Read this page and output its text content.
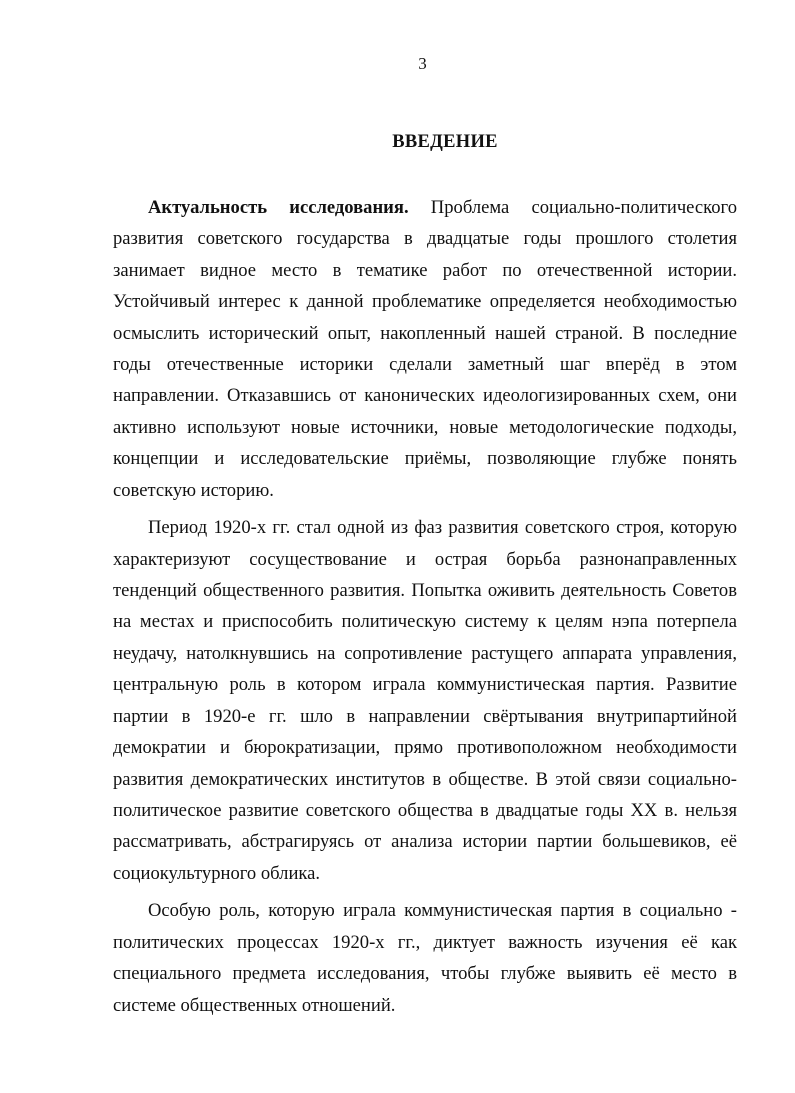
3
ВВЕДЕНИЕ

Актуальность исследования. Проблема социально-политического развития советского государства в двадцатые годы прошлого столетия занимает видное место в тематике работ по отечественной истории. Устойчивый интерес к данной проблематике определяется необходимостью осмыслить исторический опыт, накопленный нашей страной. В последние годы отечественные историки сделали заметный шаг вперёд в этом направлении. Отказавшись от канонических идеологизированных схем, они активно используют новые источники, новые методологические подходы, концепции и исследовательские приёмы, позволяющие глубже понять советскую историю.

Период 1920-х гг. стал одной из фаз развития советского строя, которую характеризуют сосуществование и острая борьба разнонаправленных тенденций общественного развития. Попытка оживить деятельность Советов на местах и приспособить политическую систему к целям нэпа потерпела неудачу, натолкнувшись на сопротивление растущего аппарата управления, центральную роль в котором играла коммунистическая партия. Развитие партии в 1920-е гг. шло в направлении свёртывания внутрипартийной демократии и бюрократизации, прямо противоположном необходимости развития демократических институтов в обществе. В этой связи социально-политическое развитие советского общества в двадцатые годы XX в. нельзя рассматривать, абстрагируясь от анализа истории партии большевиков, её социокультурного облика.

Особую роль, которую играла коммунистическая партия в социально - политических процессах 1920-х гг., диктует важность изучения её как специального предмета исследования, чтобы глубже выявить её место в системе общественных отношений.
